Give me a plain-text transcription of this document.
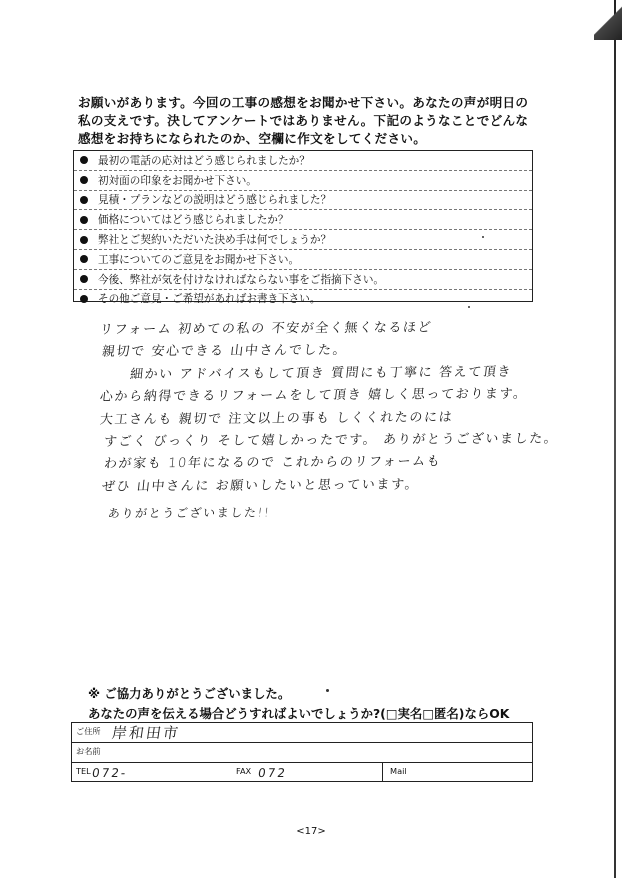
お願いがあります。今回の工事の感想をお聞かせ下さい。あなたの声が明日の
私の支えです。決してアンケートではありません。下記のようなことでどんな
感想をお持ちになられたのか、空欄に作文をしてください。
最初の電話の応対はどう感じられましたか？
初対面の印象をお聞かせ下さい。
見積・プランなどの説明はどう感じられました？
価格についてはどう感じられましたか？
弊社とご契約いただいた決め手は何でしょうか？
工事についてのご意見をお聞かせ下さい。
今後、弊社が気を付けなければならない事をご指摘下さい。
その他ご意見・ご希望があればお書き下さい。
リフォーム 初めての私の 不安が全く無くなるほど
親切で 安心できる 山中さんでした。
細かい アドバイスもして頂き 質問にも丁寧に 答えて頂き
心から納得できるリフォームをして頂き 嬉しく思っております。
大工さんも 親切で 注文以上の事も しくくれたのには
すごく びっくり そして嬉しかったです。 ありがとうございました。
わが家も 10年になるので これからのリフォームも
ぜひ 山中さんに お願いしたいと思っています。
ありがとうございました!!
※ ご協力ありがとうございました。
あなたの声を伝える場合どうすればよいでしょうか?(□実名□匿名)ならOK
ご住所 岸和田市
お名前
TEL 072-	FAX 072	Mail
<17>
